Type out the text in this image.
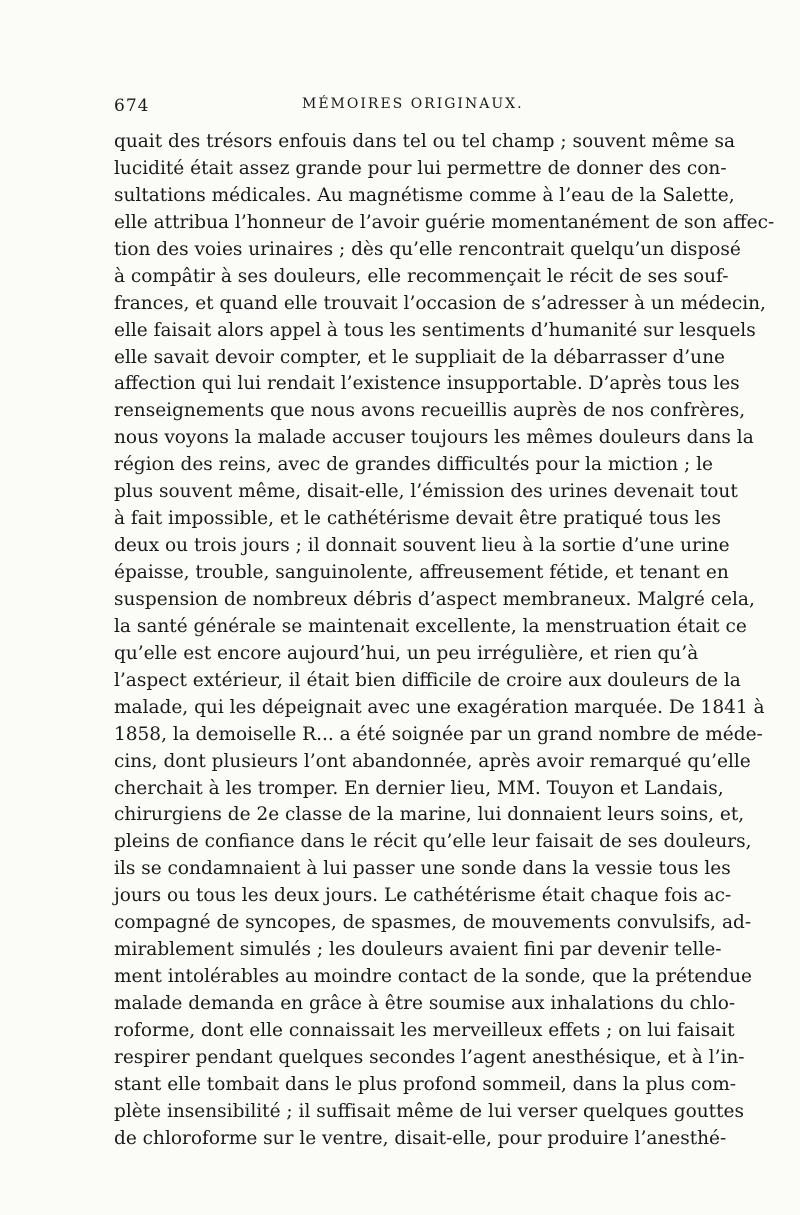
674	MÉMOIRES ORIGINAUX.
quait des trésors enfouis dans tel ou tel champ ; souvent même sa
lucidité était assez grande pour lui permettre de donner des con-
sultations médicales. Au magnétisme comme à l’eau de la Salette,
elle attribua l’honneur de l’avoir guérie momentanément de son affec-
tion des voies urinaires ; dès qu’elle rencontrait quelqu’un disposé
à compâtir à ses douleurs, elle recommençait le récit de ses souf-
frances, et quand elle trouvait l’occasion de s’adresser à un médecin,
elle faisait alors appel à tous les sentiments d’humanité sur lesquels
elle savait devoir compter, et le suppliait de la débarrasser d’une
affection qui lui rendait l’existence insupportable. D’après tous les
renseignements que nous avons recueillis auprès de nos confrères,
nous voyons la malade accuser toujours les mêmes douleurs dans la
région des reins, avec de grandes difficultés pour la miction ; le
plus souvent même, disait-elle, l’émission des urines devenait tout
à fait impossible, et le cathétérisme devait être pratiqué tous les
deux ou trois jours ; il donnait souvent lieu à la sortie d’une urine
épaisse, trouble, sanguinolente, affreusement fétide, et tenant en
suspension de nombreux débris d’aspect membraneux. Malgré cela,
la santé générale se maintenait excellente, la menstruation était ce
qu’elle est encore aujourd’hui, un peu irrégulière, et rien qu’à
l’aspect extérieur, il était bien difficile de croire aux douleurs de la
malade, qui les dépeignait avec une exagération marquée. De 1841 à
1858, la demoiselle R... a été soignée par un grand nombre de méde-
cins, dont plusieurs l’ont abandonnée, après avoir remarqué qu’elle
cherchait à les tromper. En dernier lieu, MM. Touyon et Landais,
chirurgiens de 2e classe de la marine, lui donnaient leurs soins, et,
pleins de confiance dans le récit qu’elle leur faisait de ses douleurs,
ils se condamnaient à lui passer une sonde dans la vessie tous les
jours ou tous les deux jours. Le cathétérisme était chaque fois ac-
compagné de syncopes, de spasmes, de mouvements convulsifs, ad-
mirablement simulés ; les douleurs avaient fini par devenir telle-
ment intolérables au moindre contact de la sonde, que la prétendue
malade demanda en grâce à être soumise aux inhalations du chlo-
roforme, dont elle connaissait les merveilleux effets ; on lui faisait
respirer pendant quelques secondes l’agent anesthésique, et à l’in-
stant elle tombait dans le plus profond sommeil, dans la plus com-
plète insensibilité ; il suffisait même de lui verser quelques gouttes
de chloroforme sur le ventre, disait-elle, pour produire l’anesthé-
